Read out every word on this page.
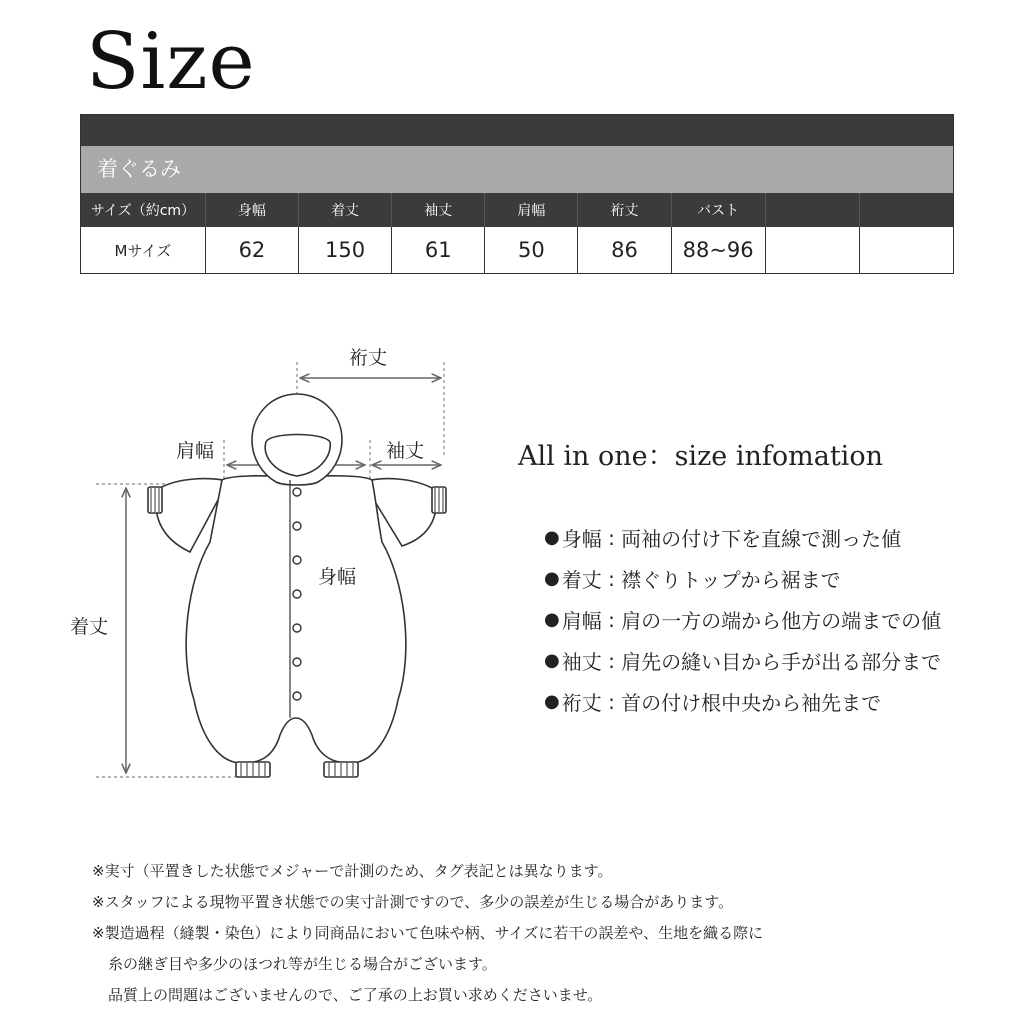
Size
着ぐるみ
サイズ（約cm）	身幅	着丈	袖丈	肩幅	裄丈	バスト
Mサイズ	62	150	61	50	86	88~96
裄丈
肩幅	袖丈
身幅
着丈
All in one：size infomation
● 身幅 : 両袖の付け下を直線で測った値
● 着丈 : 襟ぐりトップから裾まで
● 肩幅 : 肩の一方の端から他方の端までの値
● 袖丈 : 肩先の縫い目から手が出る部分まで
● 裄丈 : 首の付け根中央から袖先まで
※実寸（平置きした状態でメジャーで計測のため、タグ表記とは異なります。
※スタッフによる現物平置き状態での実寸計測ですので、多少の誤差が生じる場合があります。
※製造過程（縫製・染色）により同商品において色味や柄、サイズに若干の誤差や、生地を織る際に
糸の継ぎ目や多少のほつれ等が生じる場合がございます。
品質上の問題はございませんので、ご了承の上お買い求めくださいませ。
